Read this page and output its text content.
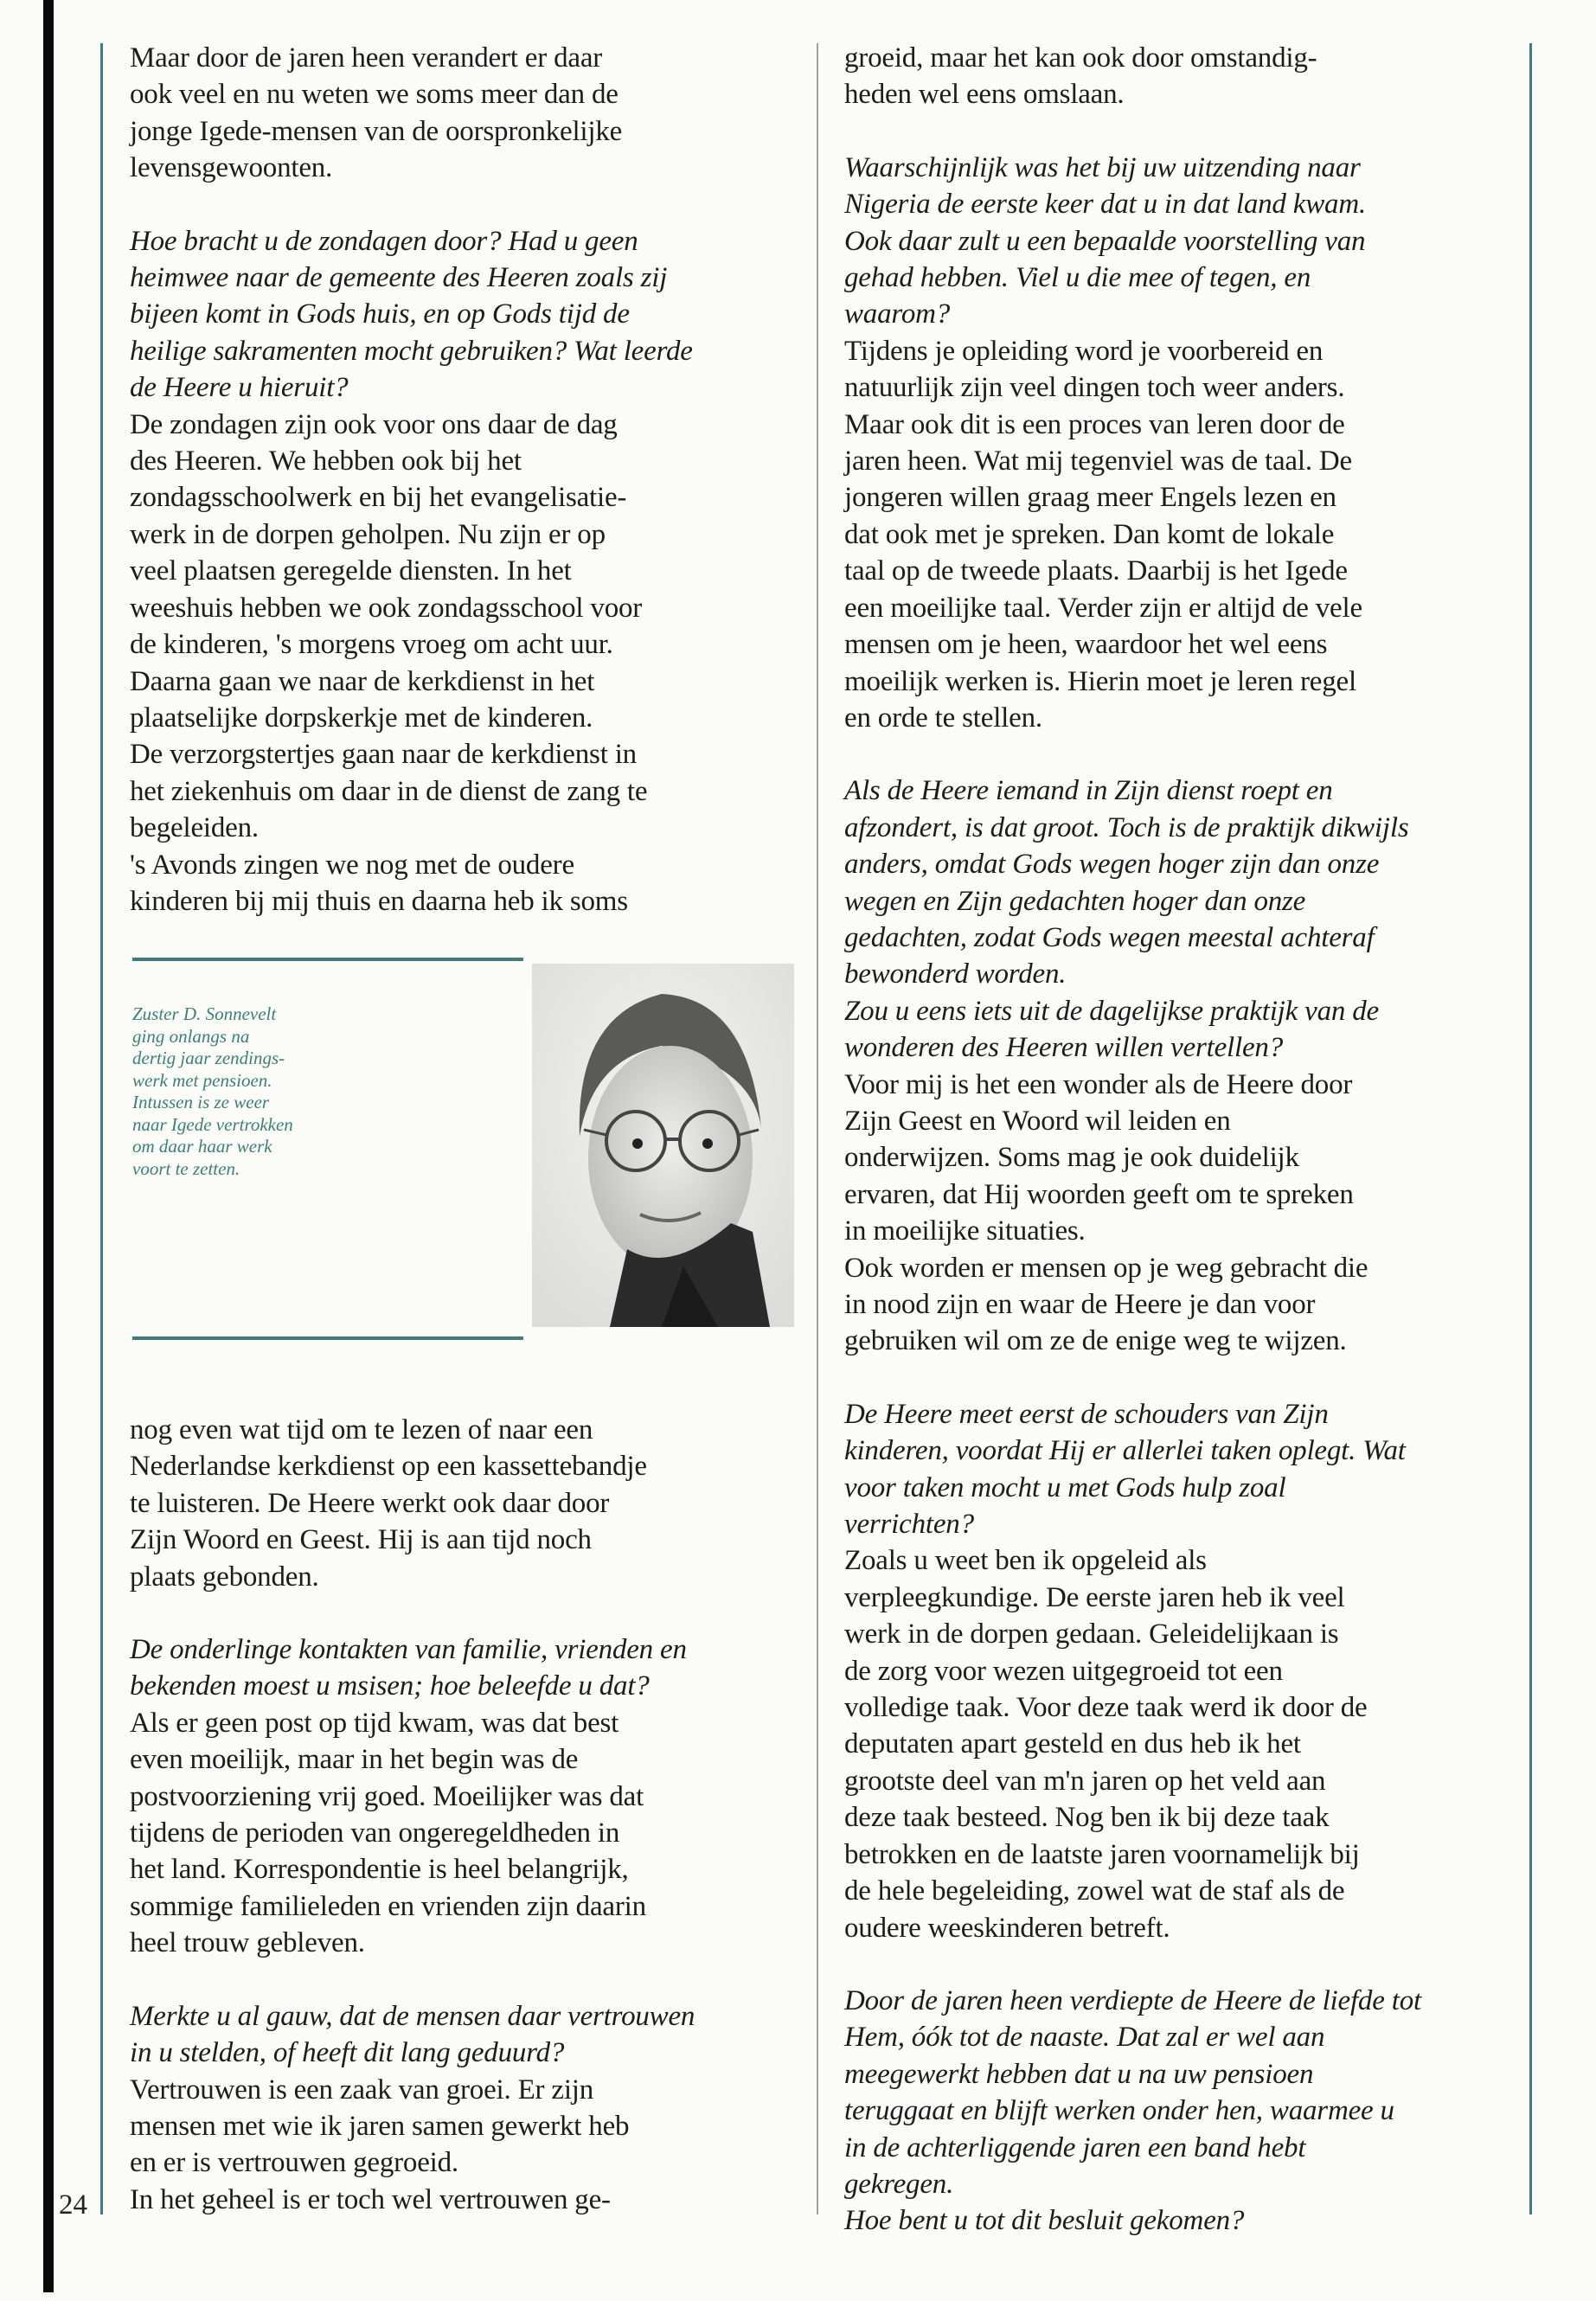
24

Maar door de jaren heen verandert er daar

ook veel en nu weten we soms meer dan de

jonge Igede-mensen van de oorspronkelijke

levensgewoonten.

Hoe bracht u de zondagen door? Had u geen

heimwee naar de gemeente des Heeren zoals zij

bijeen komt in Gods huis, en op Gods tijd de

heilige sakramenten mocht gebruiken? Wat leerde

de Heere u hieruit?

De zondagen zijn ook voor ons daar de dag

des Heeren. We hebben ook bij het

zondagsschoolwerk en bij het evangelisatie-

werk in de dorpen geholpen. Nu zijn er op

veel plaatsen geregelde diensten. In het

weeshuis hebben we ook zondagsschool voor

de kinderen, 's morgens vroeg om acht uur.

Daarna gaan we naar de kerkdienst in het

plaatselijke dorpskerkje met de kinderen.

De verzorgstertjes gaan naar de kerkdienst in

het ziekenhuis om daar in de dienst de zang te

begeleiden.

's Avonds zingen we nog met de oudere

kinderen bij mij thuis en daarna heb ik soms

Zuster D. Sonnevelt

ging onlangs na

dertig jaar zendings-

werk met pensioen.

Intussen is ze weer

naar Igede vertrokken

om daar haar werk

voort te zetten.

nog even wat tijd om te lezen of naar een

Nederlandse kerkdienst op een kassettebandje

te luisteren. De Heere werkt ook daar door

Zijn Woord en Geest. Hij is aan tijd noch

plaats gebonden.

De onderlinge kontakten van familie, vrienden en

bekenden moest u msisen; hoe beleefde u dat?

Als er geen post op tijd kwam, was dat best

even moeilijk, maar in het begin was de

postvoorziening vrij goed. Moeilijker was dat

tijdens de perioden van ongeregeldheden in

het land. Korrespondentie is heel belangrijk,

sommige familieleden en vrienden zijn daarin

heel trouw gebleven.

Merkte u al gauw, dat de mensen daar vertrouwen

in u stelden, of heeft dit lang geduurd?

Vertrouwen is een zaak van groei. Er zijn

mensen met wie ik jaren samen gewerkt heb

en er is vertrouwen gegroeid.

In het geheel is er toch wel vertrouwen ge-

groeid, maar het kan ook door omstandig-

heden wel eens omslaan.

Waarschijnlijk was het bij uw uitzending naar

Nigeria de eerste keer dat u in dat land kwam.

Ook daar zult u een bepaalde voorstelling van

gehad hebben. Viel u die mee of tegen, en

waarom?

Tijdens je opleiding word je voorbereid en

natuurlijk zijn veel dingen toch weer anders.

Maar ook dit is een proces van leren door de

jaren heen. Wat mij tegenviel was de taal. De

jongeren willen graag meer Engels lezen en

dat ook met je spreken. Dan komt de lokale

taal op de tweede plaats. Daarbij is het Igede

een moeilijke taal. Verder zijn er altijd de vele

mensen om je heen, waardoor het wel eens

moeilijk werken is. Hierin moet je leren regel

en orde te stellen.

Als de Heere iemand in Zijn dienst roept en

afzondert, is dat groot. Toch is de praktijk dikwijls

anders, omdat Gods wegen hoger zijn dan onze

wegen en Zijn gedachten hoger dan onze

gedachten, zodat Gods wegen meestal achteraf

bewonderd worden.

Zou u eens iets uit de dagelijkse praktijk van de

wonderen des Heeren willen vertellen?

Voor mij is het een wonder als de Heere door

Zijn Geest en Woord wil leiden en

onderwijzen. Soms mag je ook duidelijk

ervaren, dat Hij woorden geeft om te spreken

in moeilijke situaties.

Ook worden er mensen op je weg gebracht die

in nood zijn en waar de Heere je dan voor

gebruiken wil om ze de enige weg te wijzen.

De Heere meet eerst de schouders van Zijn

kinderen, voordat Hij er allerlei taken oplegt. Wat

voor taken mocht u met Gods hulp zoal

verrichten?

Zoals u weet ben ik opgeleid als

verpleegkundige. De eerste jaren heb ik veel

werk in de dorpen gedaan. Geleidelijkaan is

de zorg voor wezen uitgegroeid tot een

volledige taak. Voor deze taak werd ik door de

deputaten apart gesteld en dus heb ik het

grootste deel van m'n jaren op het veld aan

deze taak besteed. Nog ben ik bij deze taak

betrokken en de laatste jaren voornamelijk bij

de hele begeleiding, zowel wat de staf als de

oudere weeskinderen betreft.

Door de jaren heen verdiepte de Heere de liefde tot

Hem, óók tot de naaste. Dat zal er wel aan

meegewerkt hebben dat u na uw pensioen

teruggaat en blijft werken onder hen, waarmee u

in de achterliggende jaren een band hebt

gekregen.

Hoe bent u tot dit besluit gekomen?
